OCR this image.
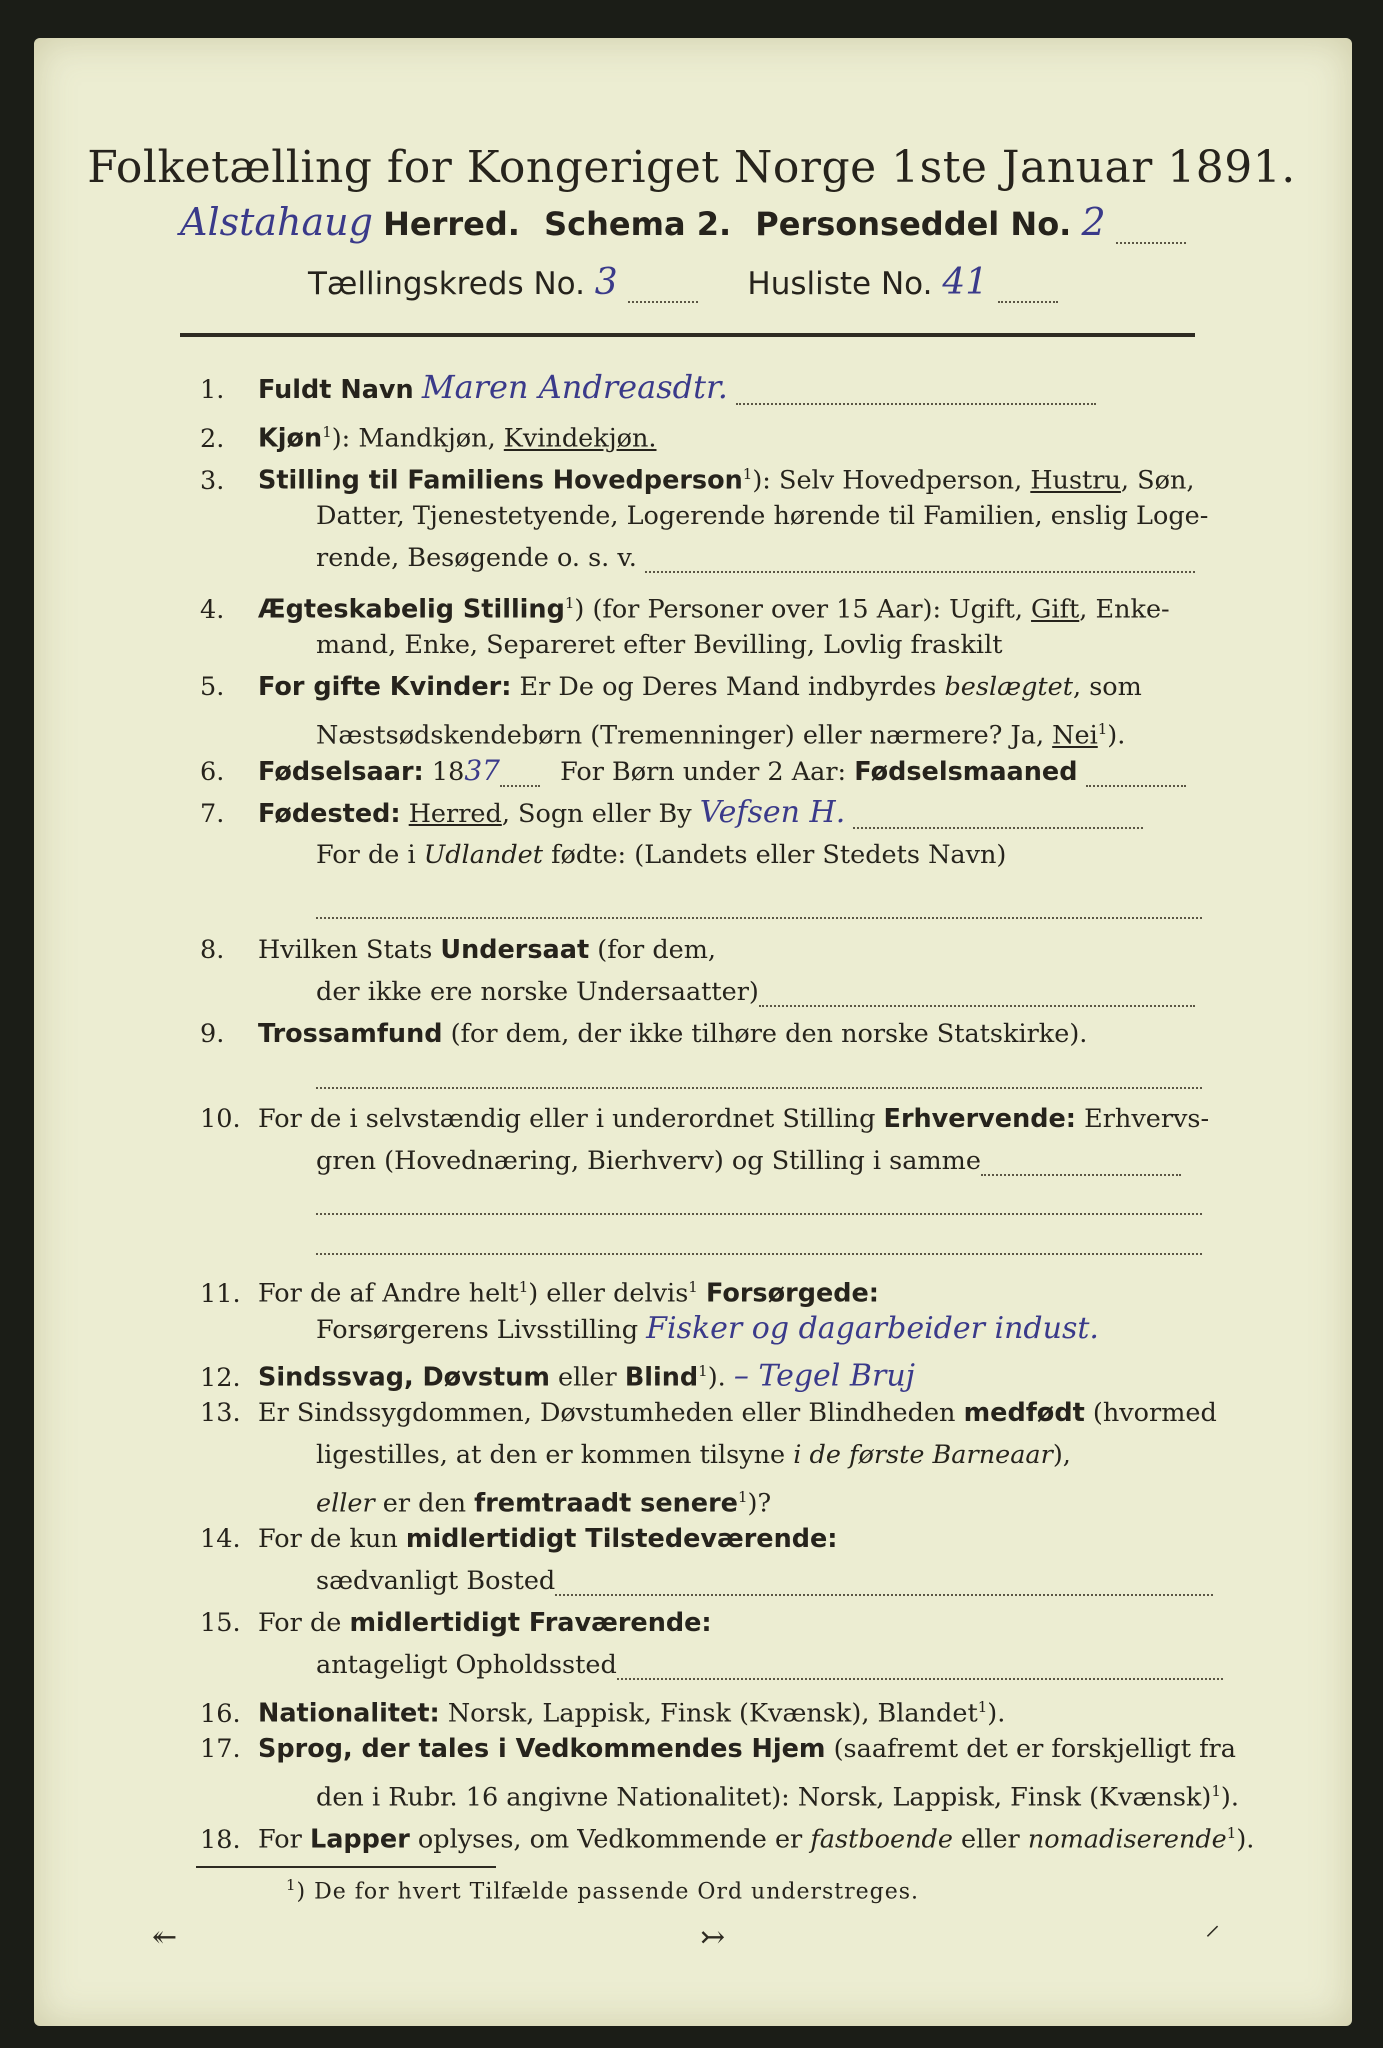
Folketælling for Kongeriget Norge 1ste Januar 1891.
Alstahaug Herred. Schema 2. Personseddel No. 2
Tællingskreds No. 3	Husliste No. 41
1. Fuldt Navn Maren Andreasdtr.
2. Kjøn$^1$): Mandkjøn, Kvindekjøn.
3. Stilling til Familiens Hovedperson$^1$): Selv Hovedperson, Hustru, Søn,
Datter, Tjenestetyende, Logerende hørende til Familien, enslig Loge-
rende, Besøgende o. s. v.
4. Ægteskabelig Stilling$^1$) (for Personer over 15 Aar): Ugift, Gift, Enke-
mand, Enke, Separeret efter Bevilling, Lovlig fraskilt
5. For gifte Kvinder: Er De og Deres Mand indbyrdes beslægtet, som
Næstsødskendebørn (Tremenninger) eller nærmere? Ja, Nei$^1$).
6. Fødselsaar: 1837 For Børn under 2 Aar: Fødselsmaaned
7. Fødested: Herred, Sogn eller By Vefsen H.
For de i Udlandet fødte: (Landets eller Stedets Navn)
8. Hvilken Stats Undersaat (for dem,
der ikke ere norske Undersaatter)
9. Trossamfund (for dem, der ikke tilhøre den norske Statskirke).
10. For de i selvstændig eller i underordnet Stilling Erhvervende: Erhvervs-
gren (Hovednæring, Bierhverv) og Stilling i samme
11. For de af Andre helt$^1$) eller delvis$^1$ Forsørgede:
Forsørgerens Livsstilling Fisker og dagarbeider indust.
12. Sindssvag, Døvstum eller Blind$^1$). – Tegel Bruj
13. Er Sindssygdommen, Døvstumheden eller Blindheden medfødt (hvormed
ligestilles, at den er kommen tilsyne i de første Barneaar),
eller er den fremtraadt senere$^1$)?
14. For de kun midlertidigt Tilstedeværende:
sædvanligt Bosted
15. For de midlertidigt Fraværende:
antageligt Opholdssted
16. Nationalitet: Norsk, Lappisk, Finsk (Kvænsk), Blandet$^1$).
17. Sprog, der tales i Vedkommendes Hjem (saafremt det er forskjelligt fra
den i Rubr. 16 angivne Nationalitet): Norsk, Lappisk, Finsk (Kvænsk)$^1$).
18. For Lapper oplyses, om Vedkommende er fastboende eller nomadiserende$^1$).
$^1$) De for hvert Tilfælde passende Ord understreges.
↞	↣	⸍
